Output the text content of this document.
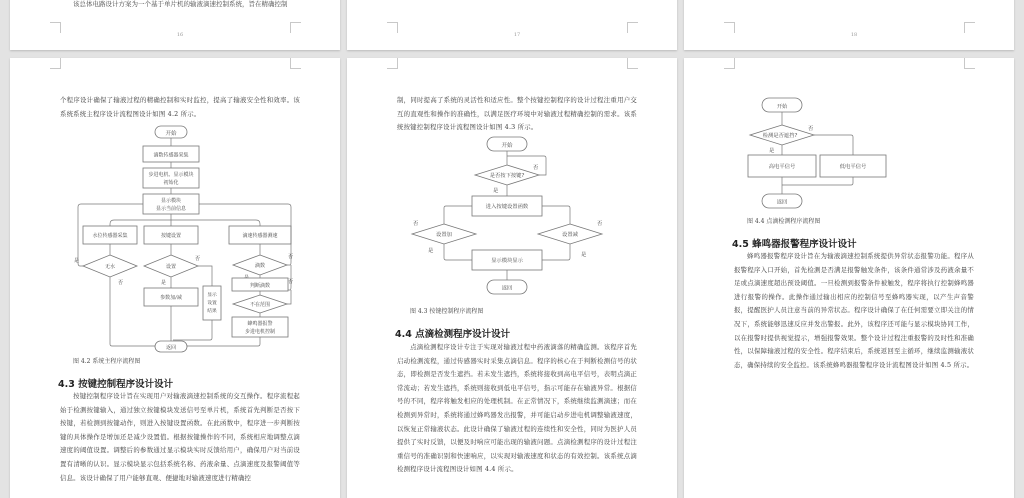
该总体电路设计方案为一个基于单片机的输液滴速控制系统，旨在精确控制
16	17	18
个程序设计确保了输液过程的精确控制和实时监控，提高了输液安全性和效率。该系统系统主程序设计流程图设计如图 4.2 所示。
开始
滴数传感器采集
步进电机、显示模块
初始化
显示模块
显示当前信息
水位传感器采集	按键设置	滴速传感器测速
无水	设置	滴数
是
否
否
是
否
否
显示
设置
结果
参数加/减
判断滴数
不在范围
蜂鸣器报警
步进电机控制
返回
图 4.2 系统主程序流程图
4.3 按键控制程序设计设计
按键控制程序设计旨在实现用户对输液滴速控制系统的交互操作。程序流程起始于检测按键输入，通过独立按键模块发送信号至单片机，系统首先判断是否按下按键，若检测到按键动作，则进入按键设置函数。在此函数中，程序进一步判断按键的具体操作是增加还是减少设置值。根据按键操作的不同，系统相应地调整点滴速度的阈值设置。调整后的参数通过显示模块实时反馈给用户，确保用户对当前设置有清晰的认识。显示模块显示包括系统名称、药液余量、点滴速度及报警阈值等信息。该设计确保了用户能够直观、便捷地对输液速度进行精确控
制，同时提高了系统的灵活性和适应性。整个按键控制程序的设计过程注重用户交互的直观性和操作的准确性，以满足医疗环境中对输液过程精确控制的需求。该系统按键控制程序设计流程图设计如图 4.3 所示。
开始
是否按下按键?
否
是
进入按键设置函数
设置加	设置减
否
是
否
是
显示模块显示
返回
图 4.3 按键控制程序流程图
4.4 点滴检测程序设计设计
点滴检测程序设计专注于实现对输液过程中药液滴落的精确监测。该程序首先启动检测流程，通过传感器实时采集点滴信息。程序的核心在于判断检测信号的状态，即检测是否发生遮挡。若未发生遮挡，系统将接收到高电平信号，表明点滴正常流动；若发生遮挡，系统则接收到低电平信号，指示可能存在输液异常。根据信号的不同，程序将触发相应的处理机制。在正常情况下，系统继续监测滴速；而在检测到异常时，系统将通过蜂鸣器发出报警，并可能启动步进电机调整输液速度，以恢复正常输液状态。此设计确保了输液过程的连续性和安全性，同时为医护人员提供了实时反馈，以便及时响应可能出现的输液问题。点滴检测程序的设计过程注重信号的准确识别和快速响应，以实现对输液速度和状态的有效控制。该系统点滴检测程序设计流程图设计如图 4.4 所示。
开始
检测是否遮挡?
否
是
高电平信号	低电平信号
返回
图 4.4 点滴检测程序流程图
4.5 蜂鸣器报警程序设计设计
蜂鸣器报警程序设计旨在为输液滴速控制系统提供异常状态报警功能。程序从报警程序入口开始，首先检测是否满足报警触发条件，该条件通常涉及药液余量不足或点滴速度超出预设阈值。一旦检测到报警条件被触发，程序将执行控制蜂鸣器进行报警的操作。此操作通过输出相应的控制信号至蜂鸣器实现，以产生声音警报，提醒医护人员注意当前的异常状态。程序设计确保了在任何需要立即关注的情况下，系统能够迅速反应并发出警报。此外，该程序还可能与显示模块协同工作，以在报警时提供视觉提示，增强报警效果。整个设计过程注重报警的及时性和准确性，以保障输液过程的安全性。程序结束后，系统返回至主循环，继续监测输液状态，确保持续的安全监控。该系统蜂鸣器报警程序设计流程图设计如图 4.5 所示。
